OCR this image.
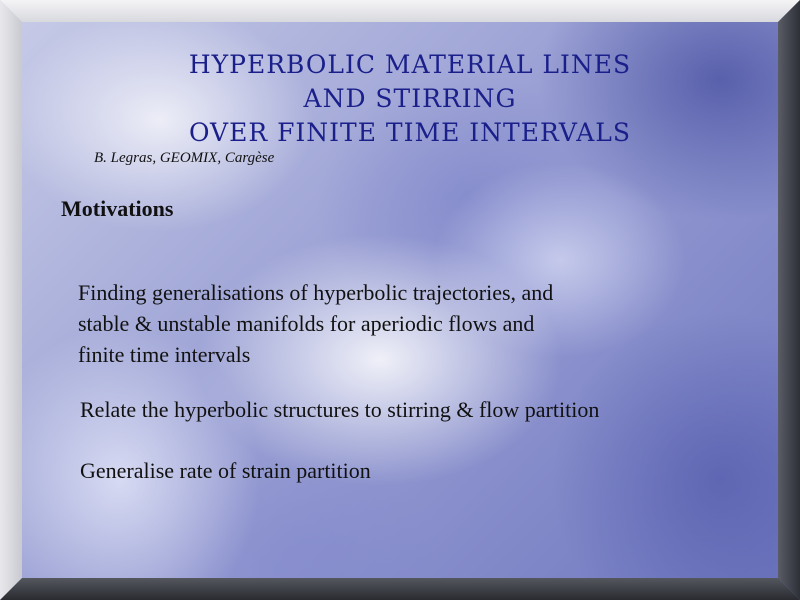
HYPERBOLIC MATERIAL LINES
AND STIRRING
OVER FINITE TIME INTERVALS
B. Legras, GEOMIX, Cargèse
Motivations

Finding generalisations of hyperbolic trajectories, and
stable & unstable manifolds for aperiodic flows and
finite time intervals

Relate the hyperbolic structures to stirring & flow partition

Generalise rate of strain partition
